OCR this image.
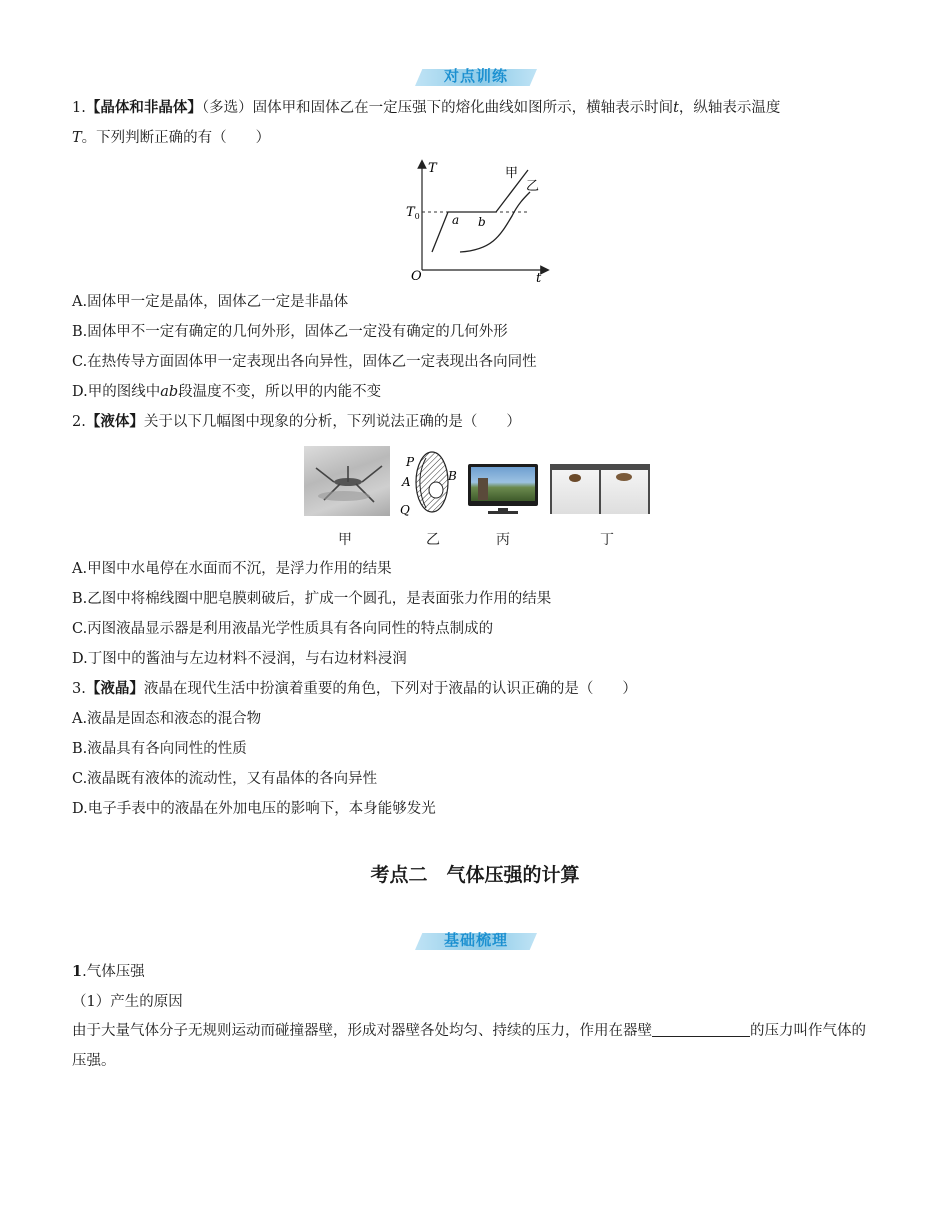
对点训练
1.【晶体和非晶体】（多选）固体甲和固体乙在一定压强下的熔化曲线如图所示，横轴表示时间t，纵轴表示温度
T。下列判断正确的有（　　）
T
t
O
$T_0$	a b
甲
乙
A.固体甲一定是晶体，固体乙一定是非晶体
B.固体甲不一定有确定的几何外形，固体乙一定没有确定的几何外形
C.在热传导方面固体甲一定表现出各向异性，固体乙一定表现出各向同性
D.甲的图线中ab段温度不变，所以甲的内能不变
2.【液体】关于以下几幅图中现象的分析，下列说法正确的是（　　）
P
A	B
Q
甲	乙	丙	丁
A.甲图中水黾停在水面而不沉，是浮力作用的结果
B.乙图中将棉线圈中肥皂膜刺破后，扩成一个圆孔，是表面张力作用的结果
C.丙图液晶显示器是利用液晶光学性质具有各向同性的特点制成的
D.丁图中的酱油与左边材料不浸润，与右边材料浸润
3.【液晶】液晶在现代生活中扮演着重要的角色，下列对于液晶的认识正确的是（　　）
A.液晶是固态和液态的混合物
B.液晶具有各向同性的性质
C.液晶既有液体的流动性，又有晶体的各向异性
D.电子手表中的液晶在外加电压的影响下，本身能够发光
考点二　气体压强的计算
基础梳理
1.气体压强
（1）产生的原因
由于大量气体分子无规则运动而碰撞器壁，形成对器壁各处均匀、持续的压力，作用在器壁	的压力叫作气体的压强。
